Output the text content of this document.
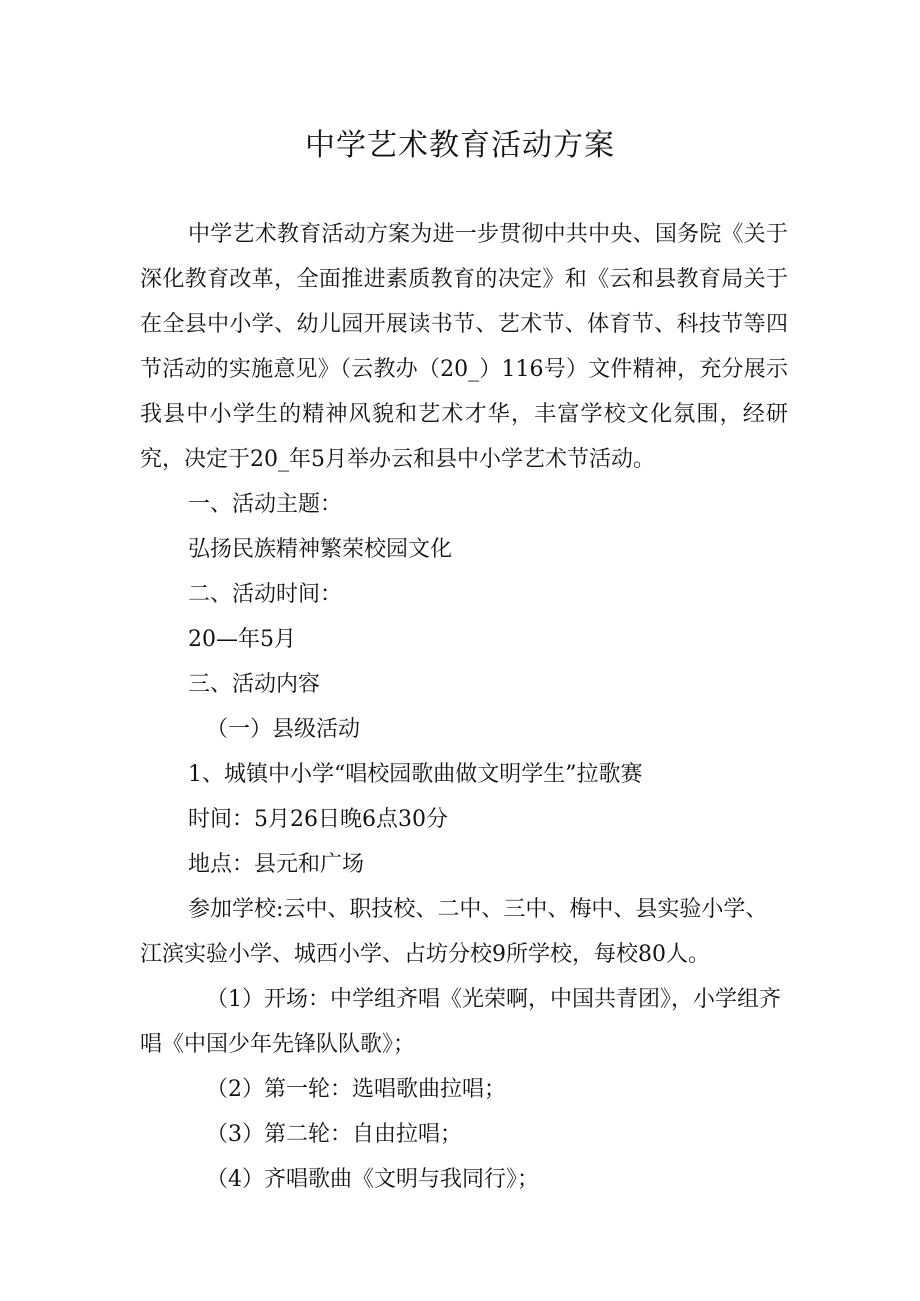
中学艺术教育活动方案

中学艺术教育活动方案为进一步贯彻中共中央、国务院《关于深化教育改革，全面推进素质教育的决定》和《云和县教育局关于在全县中小学、幼儿园开展读书节、艺术节、体育节、科技节等四节活动的实施意见》（云教办（20_）116号）文件精神，充分展示我县中小学生的精神风貌和艺术才华，丰富学校文化氛围，经研究，决定于20_年5月举办云和县中小学艺术节活动。

一、活动主题：

弘扬民族精神繁荣校园文化

二、活动时间：

20—年5月

三、活动内容

（一）县级活动

1、城镇中小学“唱校园歌曲做文明学生”拉歌赛

时间：5月26日晚6点30分

地点：县元和广场

参加学校:云中、职技校、二中、三中、梅中、县实验小学、江滨实验小学、城西小学、占坊分校9所学校，每校80人。

（1）开场：中学组齐唱《光荣啊，中国共青团》，小学组齐唱《中国少年先锋队队歌》；

（2）第一轮：选唱歌曲拉唱；

（3）第二轮：自由拉唱；

（4）齐唱歌曲《文明与我同行》；
